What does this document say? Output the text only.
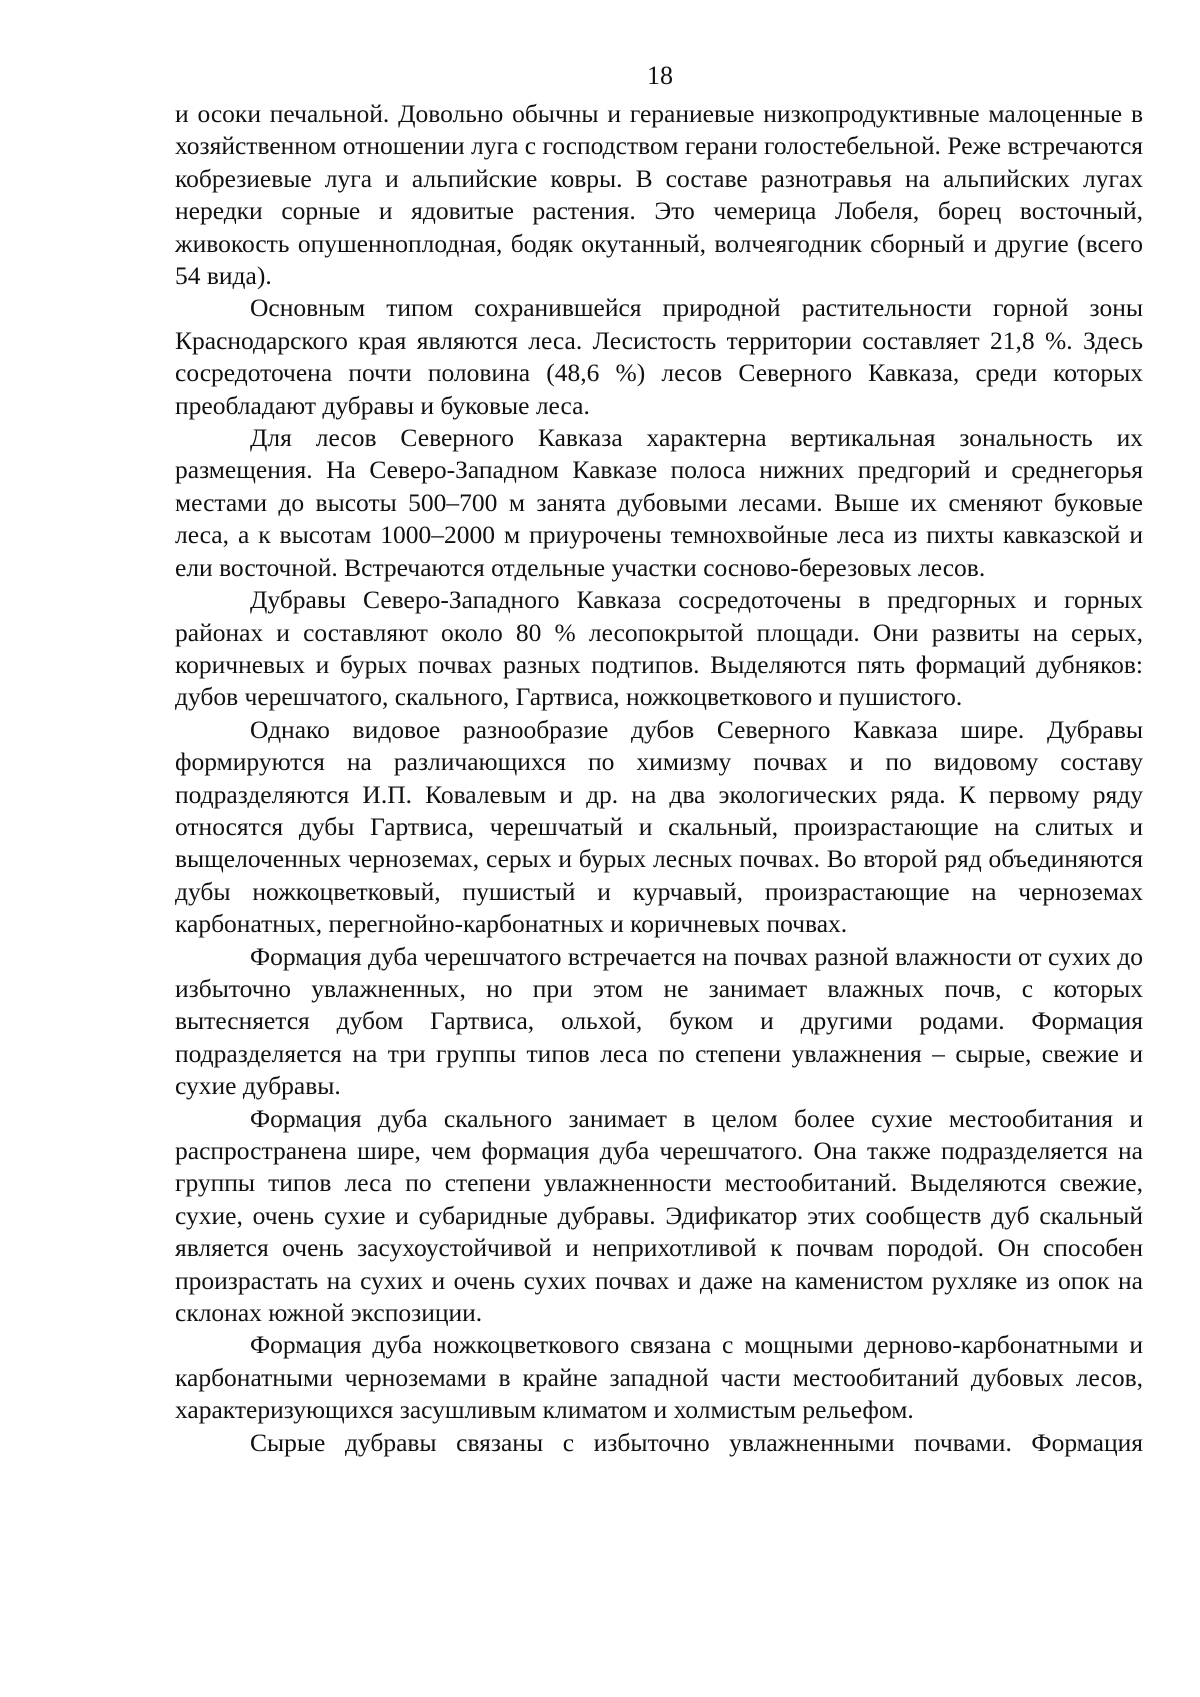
18

и осоки печальной. Довольно обычны и гераниевые низкопродуктивные малоценные в хозяйственном отношении луга с господством герани голостебельной. Реже встречаются кобрезиевые луга и альпийские ковры. В составе разнотравья на альпийских лугах нередки сорные и ядовитые растения. Это чемерица Лобеля, борец восточный, живокость опушенноплодная, бодяк окутанный, волчеягодник сборный и другие (всего 54 вида).

Основным типом сохранившейся природной растительности горной зоны Краснодарского края являются леса. Лесистость территории составляет 21,8 %. Здесь сосредоточена почти половина (48,6 %) лесов Северного Кавказа, среди которых преобладают дубравы и буковые леса.

Для лесов Северного Кавказа характерна вертикальная зональность их размещения. На Северо-Западном Кавказе полоса нижних предгорий и среднегорья местами до высоты 500–700 м занята дубовыми лесами. Выше их сменяют буковые леса, а к высотам 1000–2000 м приурочены темнохвойные леса из пихты кавказской и ели восточной. Встречаются отдельные участки сосново-березовых лесов.

Дубравы Северо-Западного Кавказа сосредоточены в предгорных и горных районах и составляют около 80 % лесопокрытой площади. Они развиты на серых, коричневых и бурых почвах разных подтипов. Выделяются пять формаций дубняков: дубов черешчатого, скального, Гартвиса, ножкоцветкового и пушистого.

Однако видовое разнообразие дубов Северного Кавказа шире. Дубравы формируются на различающихся по химизму почвах и по видовому составу подразделяются И.П. Ковалевым и др. на два экологических ряда. К первому ряду относятся дубы Гартвиса, черешчатый и скальный, произрастающие на слитых и выщелоченных черноземах, серых и бурых лесных почвах. Во второй ряд объединяются дубы ножкоцветковый, пушистый и курчавый, произрастающие на черноземах карбонатных, перегнойно-карбонатных и коричневых почвах.

Формация дуба черешчатого встречается на почвах разной влажности от сухих до избыточно увлажненных, но при этом не занимает влажных почв, с которых вытесняется дубом Гартвиса, ольхой, буком и другими родами. Формация подразделяется на три группы типов леса по степени увлажнения – сырые, свежие и сухие дубравы.

Формация дуба скального занимает в целом более сухие местообитания и распространена шире, чем формация дуба черешчатого. Она также подразделяется на группы типов леса по степени увлажненности местообитаний. Выделяются свежие, сухие, очень сухие и субаридные дубравы. Эдификатор этих сообществ дуб скальный является очень засухоустойчивой и неприхотливой к почвам породой. Он способен произрастать на сухих и очень сухих почвах и даже на каменистом рухляке из опок на склонах южной экспозиции.

Формация дуба ножкоцветкового связана с мощными дерново-карбонатными и карбонатными черноземами в крайне западной части местообитаний дубовых лесов, характеризующихся засушливым климатом и холмистым рельефом.

Сырые дубравы связаны с избыточно увлажненными почвами. Формация
